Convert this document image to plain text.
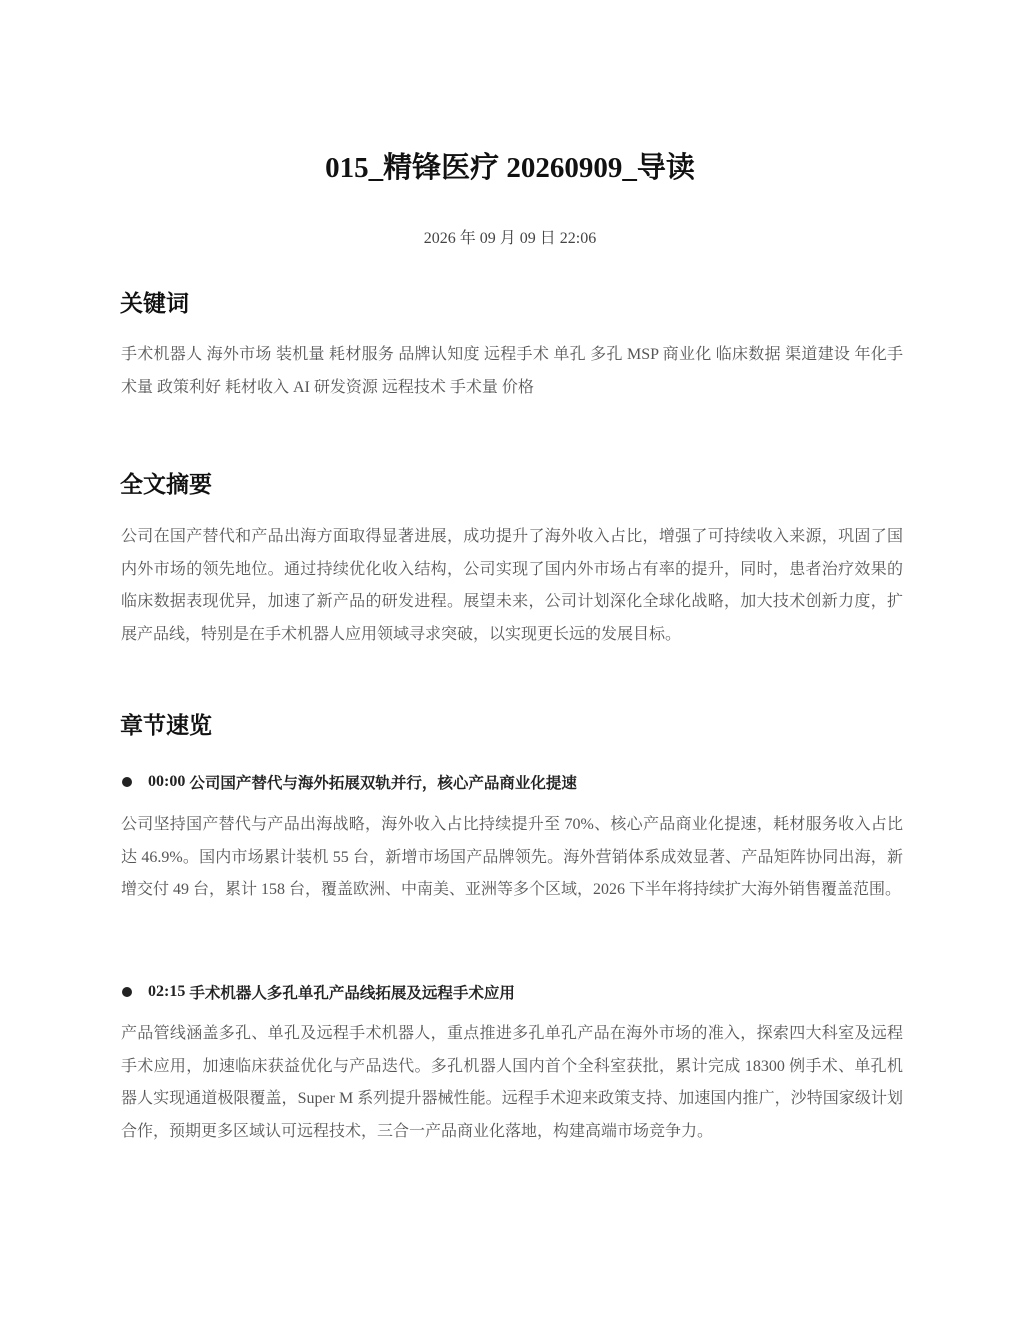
015_精锋医疗 20260909_导读
2026 年 09 月 09 日 22:06
关键词

手术机器人 海外市场 装机量 耗材服务 品牌认知度 远程手术 单孔 多孔 MSP 商业化 临床数据 渠道建设 年化手术量 政策利好 耗材收入 AI 研发资源 远程技术 手术量 价格

全文摘要

公司在国产替代和产品出海方面取得显著进展，成功提升了海外收入占比，增强了可持续收入来源，巩固了国内外市场的领先地位。通过持续优化收入结构，公司实现了国内外市场占有率的提升，同时，患者治疗效果的临床数据表现优异，加速了新产品的研发进程。展望未来，公司计划深化全球化战略，加大技术创新力度，扩展产品线，特别是在手术机器人应用领域寻求突破，以实现更长远的发展目标。

章节速览
00:00 公司国产替代与海外拓展双轨并行，核心产品商业化提速

公司坚持国产替代与产品出海战略，海外收入占比持续提升至 70%、核心产品商业化提速，耗材服务收入占比达 46.9%。国内市场累计装机 55 台，新增市场国产品牌领先。海外营销体系成效显著、产品矩阵协同出海，新增交付 49 台，累计 158 台，覆盖欧洲、中南美、亚洲等多个区域，2026 下半年将持续扩大海外销售覆盖范围。

02:15 手术机器人多孔单孔产品线拓展及远程手术应用

产品管线涵盖多孔、单孔及远程手术机器人，重点推进多孔单孔产品在海外市场的准入，探索四大科室及远程手术应用，加速临床获益优化与产品迭代。多孔机器人国内首个全科室获批，累计完成 18300 例手术、单孔机器人实现通道极限覆盖，Super M 系列提升器械性能。远程手术迎来政策支持、加速国内推广，沙特国家级计划合作，预期更多区域认可远程技术，三合一产品商业化落地，构建高端市场竞争力。
